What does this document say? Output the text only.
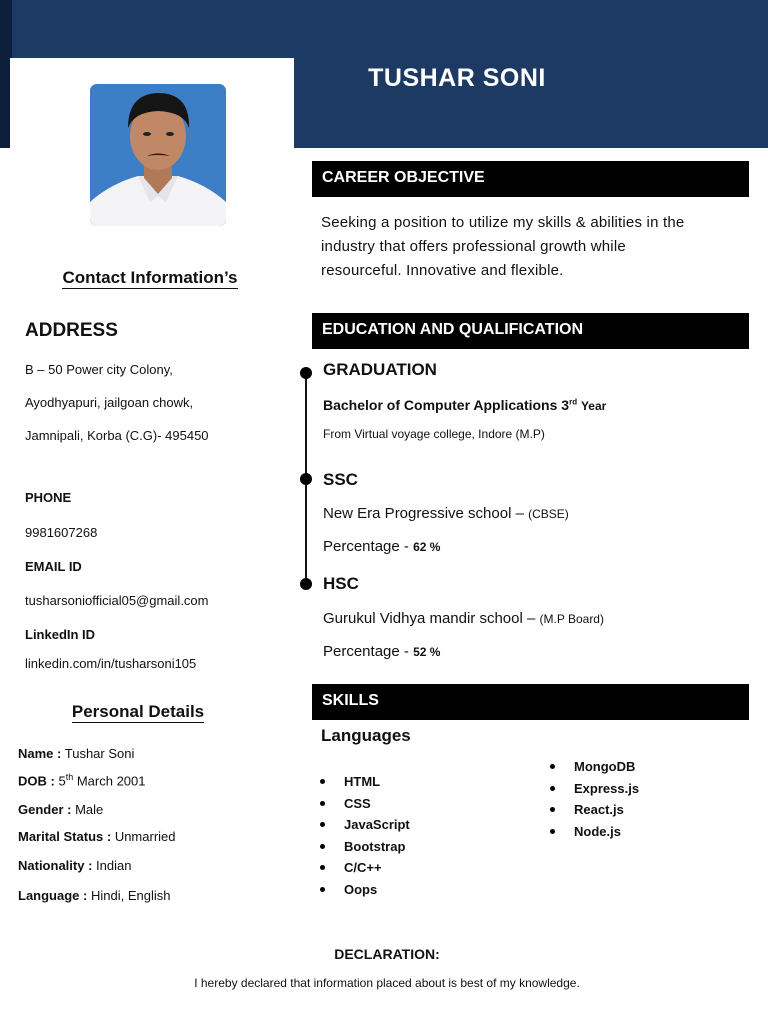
TUSHAR SONI
Contact Information’s
ADDRESS
B – 50 Power city Colony,
Ayodhyapuri, jailgoan chowk,
Jamnipali, Korba (C.G)- 495450
PHONE
9981607268
EMAIL ID
tusharsoniofficial05@gmail.com
LinkedIn ID
linkedin.com/in/tusharsoni105
Personal Details
Name : Tushar Soni
DOB : 5th March 2001
Gender : Male
Marital Status : Unmarried
Nationality : Indian
Language : Hindi, English
CAREER OBJECTIVE
Seeking a position to utilize my skills & abilities in the
industry that offers professional growth while
resourceful. Innovative and flexible.
EDUCATION AND QUALIFICATION
GRADUATION
Bachelor of Computer Applications 3rd Year
From Virtual voyage college, Indore (M.P)
SSC
New Era Progressive school – (CBSE)
Percentage - 62 %
HSC
Gurukul Vidhya mandir school – (M.P Board)
Percentage - 52 %
SKILLS
Languages
HTML
CSS
JavaScript
Bootstrap
C/C++
Oops
MongoDB
Express.js
React.js
Node.js
DECLARATION:
I hereby declared that information placed about is best of my knowledge.
